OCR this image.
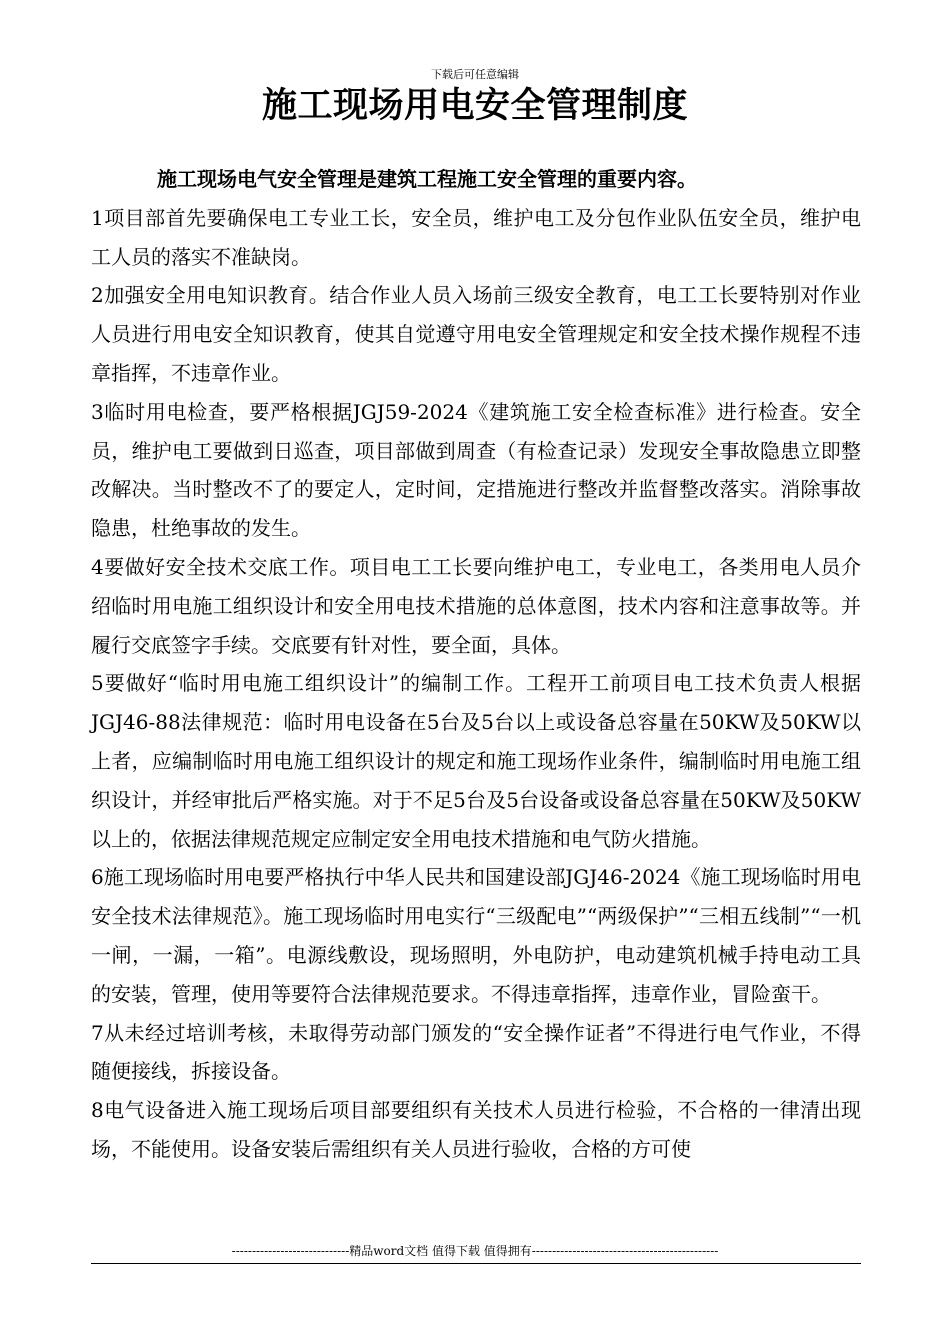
下载后可任意编辑
施工现场用电安全管理制度

施工现场电气安全管理是建筑工程施工安全管理的重要内容。

1项目部首先要确保电工专业工长，安全员，维护电工及分包作业队伍安全员，维护电工人员的落实不准缺岗。

2加强安全用电知识教育。结合作业人员入场前三级安全教育，电工工长要特别对作业人员进行用电安全知识教育，使其自觉遵守用电安全管理规定和安全技术操作规程不违章指挥，不违章作业。

3临时用电检查，要严格根据JGJ59-2024《建筑施工安全检查标准》进行检查。安全员，维护电工要做到日巡查，项目部做到周查（有检查记录）发现安全事故隐患立即整改解决。当时整改不了的要定人，定时间，定措施进行整改并监督整改落实。消除事故隐患，杜绝事故的发生。

4要做好安全技术交底工作。项目电工工长要向维护电工，专业电工，各类用电人员介绍临时用电施工组织设计和安全用电技术措施的总体意图，技术内容和注意事故等。并履行交底签字手续。交底要有针对性，要全面，具体。

5要做好“临时用电施工组织设计”的编制工作。工程开工前项目电工技术负责人根据JGJ46-88法律规范：临时用电设备在5台及5台以上或设备总容量在50KW及50KW以上者，应编制临时用电施工组织设计的规定和施工现场作业条件，编制临时用电施工组织设计，并经审批后严格实施。对于不足5台及5台设备或设备总容量在50KW及50KW以上的，依据法律规范规定应制定安全用电技术措施和电气防火措施。

6施工现场临时用电要严格执行中华人民共和国建设部JGJ46-2024《施工现场临时用电安全技术法律规范》。施工现场临时用电实行“三级配电”“两级保护”“三相五线制”“一机一闸，一漏，一箱”。电源线敷设，现场照明，外电防护，电动建筑机械手持电动工具的安装，管理，使用等要符合法律规范要求。不得违章指挥，违章作业，冒险蛮干。

7从未经过培训考核，未取得劳动部门颁发的“安全操作证者”不得进行电气作业，不得随便接线，拆接设备。

8电气设备进入施工现场后项目部要组织有关技术人员进行检验，不合格的一律清出现场，不能使用。设备安装后需组织有关人员进行验收，合格的方可使

-----------------------------精品word文档 值得下载 值得拥有----------------------------------------------
